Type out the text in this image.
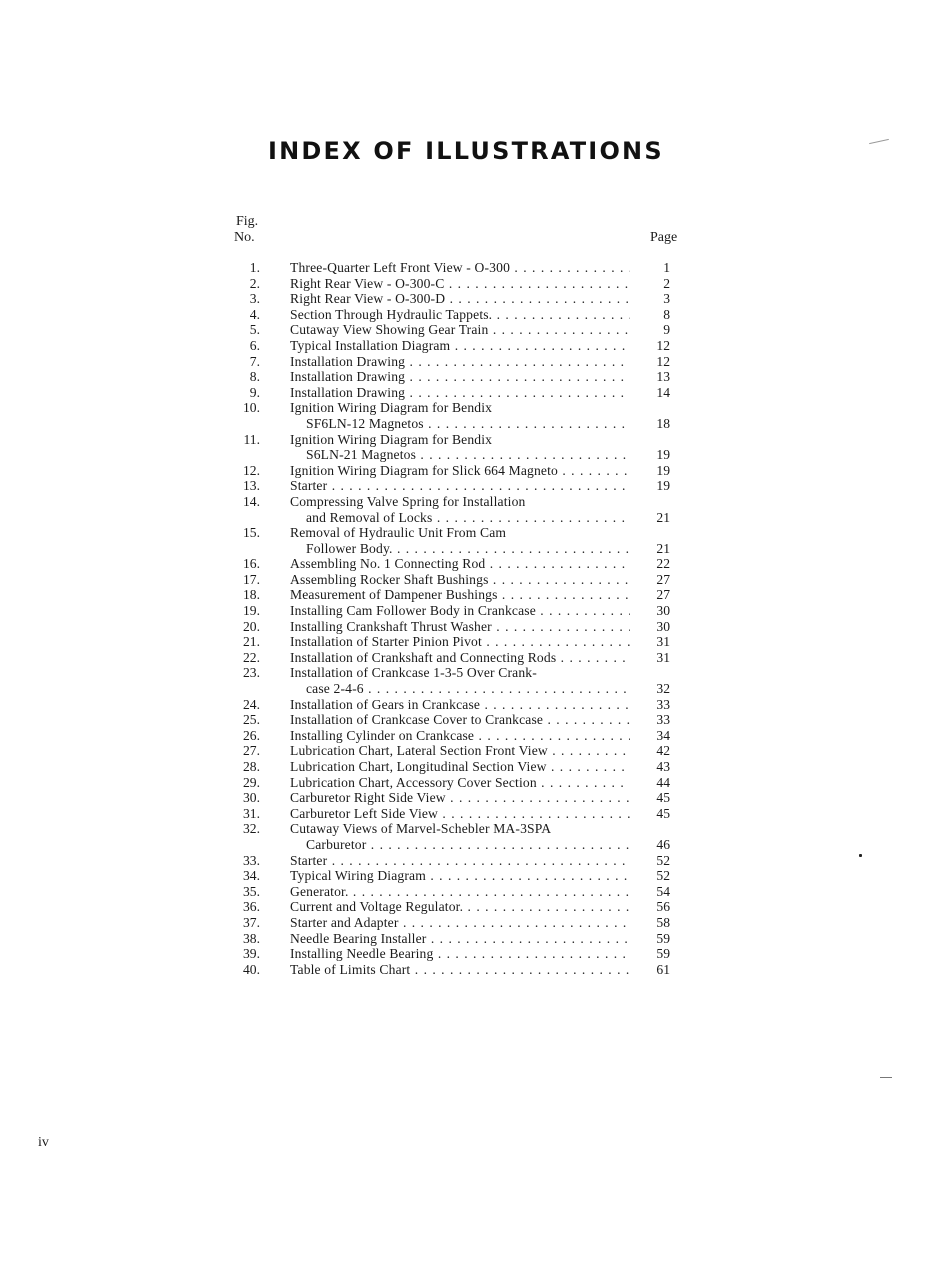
INDEX OF ILLUSTRATIONS
Fig.
No.	Page
1. Three-Quarter Left Front View - O-300 . . .	1
2. Right Rear View - O-300-C . . .	2
3. Right Rear View - O-300-D . . .	3
4. Section Through Hydraulic Tappets. . . .	8
5. Cutaway View Showing Gear Train . . .	9
6. Typical Installation Diagram . . .	12
7. Installation Drawing . . .	12
8. Installation Drawing . . .	13
9. Installation Drawing . . .	14
10. Ignition Wiring Diagram for Bendix
SF6LN-12 Magnetos . . .	18
11. Ignition Wiring Diagram for Bendix
S6LN-21 Magnetos . . .	19
12. Ignition Wiring Diagram for Slick 664 Magneto . . .	19
13. Starter . . .	19
14. Compressing Valve Spring for Installation
and Removal of Locks . . .	21
15. Removal of Hydraulic Unit From Cam
Follower Body. . . .	21
16. Assembling No. 1 Connecting Rod . . .	22
17. Assembling Rocker Shaft Bushings . . .	27
18. Measurement of Dampener Bushings . . .	27
19. Installing Cam Follower Body in Crankcase . . .	30
20. Installing Crankshaft Thrust Washer . . .	30
21. Installation of Starter Pinion Pivot . . .	31
22. Installation of Crankshaft and Connecting Rods . . .	31
23. Installation of Crankcase 1-3-5 Over Crank-
case 2-4-6 . . .	32
24. Installation of Gears in Crankcase . . .	33
25. Installation of Crankcase Cover to Crankcase . . .	33
26. Installing Cylinder on Crankcase . . .	34
27. Lubrication Chart, Lateral Section Front View . . .	42
28. Lubrication Chart, Longitudinal Section View . . .	43
29. Lubrication Chart, Accessory Cover Section . . .	44
30. Carburetor Right Side View . . .	45
31. Carburetor Left Side View . . .	45
32. Cutaway Views of Marvel-Schebler MA-3SPA
Carburetor . . .	46
33. Starter . . .	52
34. Typical Wiring Diagram . . .	52
35. Generator. . . .	54
36. Current and Voltage Regulator. . . .	56
37. Starter and Adapter . . .	58
38. Needle Bearing Installer . . .	59
39. Installing Needle Bearing . . .	59
40. Table of Limits Chart . . .	61
iv
